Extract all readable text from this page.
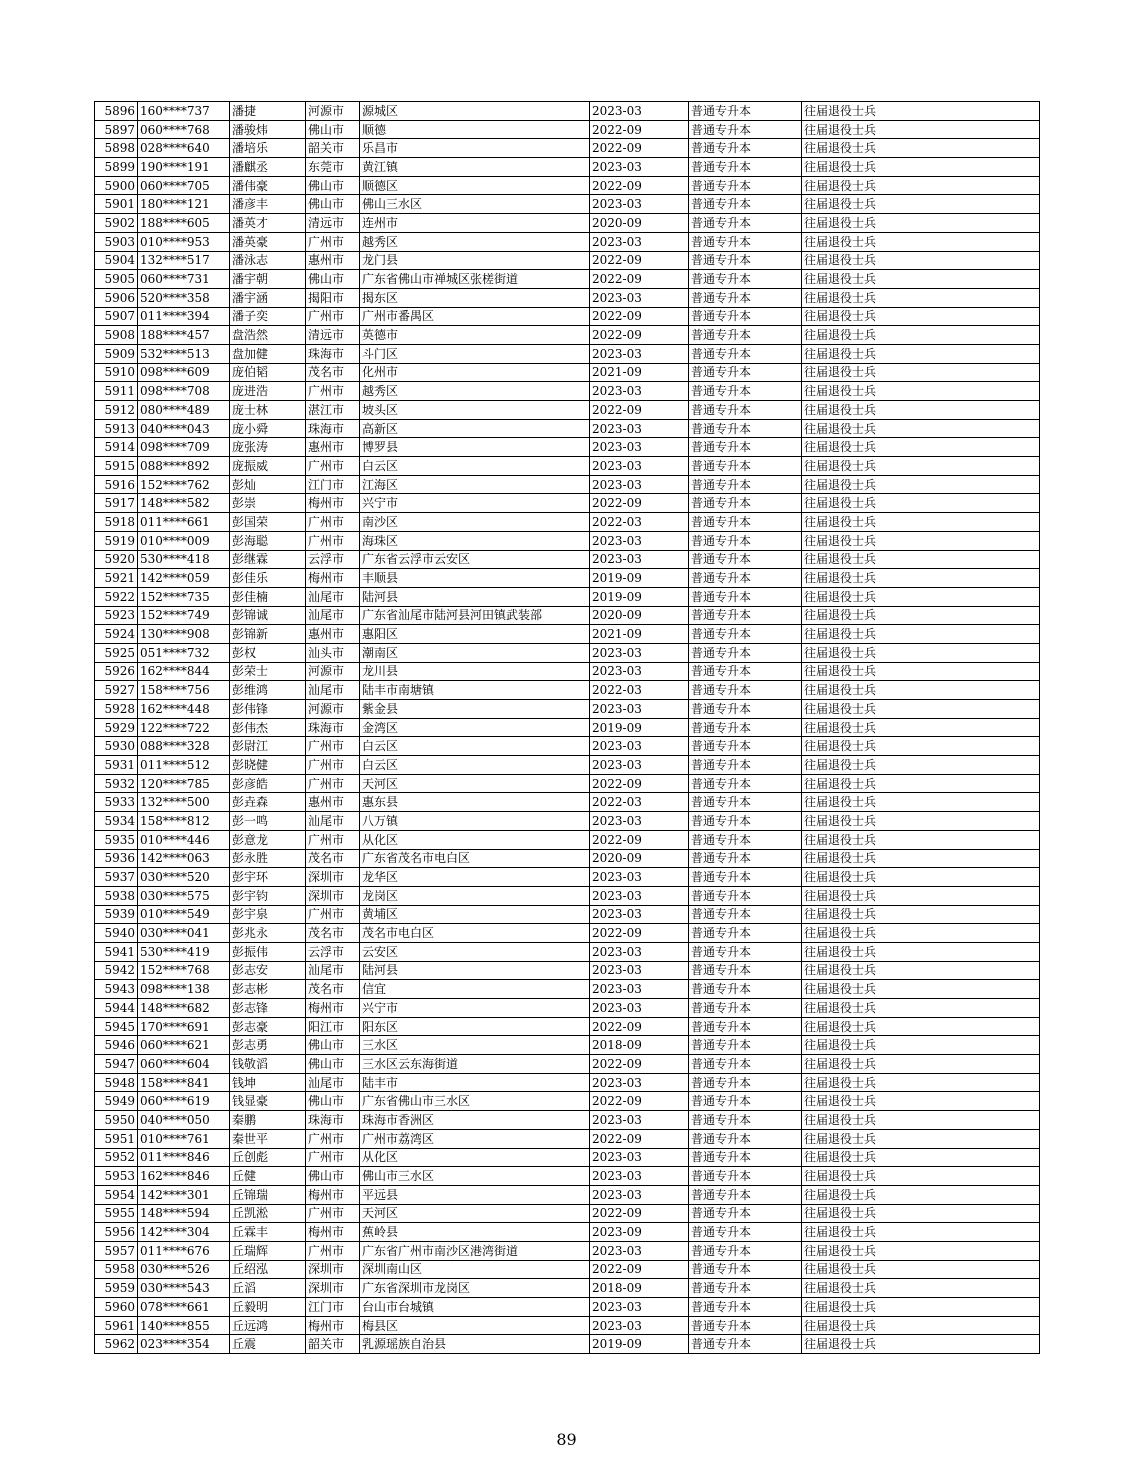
5896	160****737	潘捷	河源市	源城区	2023-03	普通专升本	往届退役士兵
5897	060****768	潘骏炜	佛山市	顺德	2022-09	普通专升本	往届退役士兵
5898	028****640	潘培乐	韶关市	乐昌市	2022-09	普通专升本	往届退役士兵
5899	190****191	潘麒丞	东莞市	黄江镇	2023-03	普通专升本	往届退役士兵
5900	060****705	潘伟豪	佛山市	顺德区	2022-09	普通专升本	往届退役士兵
5901	180****121	潘彦丰	佛山市	佛山三水区	2023-03	普通专升本	往届退役士兵
5902	188****605	潘英才	清远市	连州市	2020-09	普通专升本	往届退役士兵
5903	010****953	潘英豪	广州市	越秀区	2023-03	普通专升本	往届退役士兵
5904	132****517	潘泳志	惠州市	龙门县	2022-09	普通专升本	往届退役士兵
5905	060****731	潘宇朝	佛山市	广东省佛山市禅城区张槎街道	2022-09	普通专升本	往届退役士兵
5906	520****358	潘宇涵	揭阳市	揭东区	2023-03	普通专升本	往届退役士兵
5907	011****394	潘子奕	广州市	广州市番禺区	2022-09	普通专升本	往届退役士兵
5908	188****457	盘浩然	清远市	英德市	2022-09	普通专升本	往届退役士兵
5909	532****513	盘加健	珠海市	斗门区	2023-03	普通专升本	往届退役士兵
5910	098****609	庞伯韬	茂名市	化州市	2021-09	普通专升本	往届退役士兵
5911	098****708	庞进浩	广州市	越秀区	2023-03	普通专升本	往届退役士兵
5912	080****489	庞士林	湛江市	坡头区	2022-09	普通专升本	往届退役士兵
5913	040****043	庞小舜	珠海市	高新区	2023-03	普通专升本	往届退役士兵
5914	098****709	庞张涛	惠州市	博罗县	2023-03	普通专升本	往届退役士兵
5915	088****892	庞振威	广州市	白云区	2023-03	普通专升本	往届退役士兵
5916	152****762	彭灿	江门市	江海区	2023-03	普通专升本	往届退役士兵
5917	148****582	彭崇	梅州市	兴宁市	2022-09	普通专升本	往届退役士兵
5918	011****661	彭国荣	广州市	南沙区	2022-03	普通专升本	往届退役士兵
5919	010****009	彭海聪	广州市	海珠区	2023-03	普通专升本	往届退役士兵
5920	530****418	彭继霖	云浮市	广东省云浮市云安区	2023-03	普通专升本	往届退役士兵
5921	142****059	彭佳乐	梅州市	丰顺县	2019-09	普通专升本	往届退役士兵
5922	152****735	彭佳楠	汕尾市	陆河县	2019-09	普通专升本	往届退役士兵
5923	152****749	彭锦诚	汕尾市	广东省汕尾市陆河县河田镇武装部	2020-09	普通专升本	往届退役士兵
5924	130****908	彭锦新	惠州市	惠阳区	2021-09	普通专升本	往届退役士兵
5925	051****732	彭权	汕头市	潮南区	2023-03	普通专升本	往届退役士兵
5926	162****844	彭荣士	河源市	龙川县	2023-03	普通专升本	往届退役士兵
5927	158****756	彭维鸿	汕尾市	陆丰市南塘镇	2022-03	普通专升本	往届退役士兵
5928	162****448	彭伟锋	河源市	紫金县	2023-03	普通专升本	往届退役士兵
5929	122****722	彭伟杰	珠海市	金湾区	2019-09	普通专升本	往届退役士兵
5930	088****328	彭尉江	广州市	白云区	2023-03	普通专升本	往届退役士兵
5931	011****512	彭晓健	广州市	白云区	2023-03	普通专升本	往届退役士兵
5932	120****785	彭彦皓	广州市	天河区	2022-09	普通专升本	往届退役士兵
5933	132****500	彭垚森	惠州市	惠东县	2022-03	普通专升本	往届退役士兵
5934	158****812	彭一鸣	汕尾市	八万镇	2023-03	普通专升本	往届退役士兵
5935	010****446	彭意龙	广州市	从化区	2022-09	普通专升本	往届退役士兵
5936	142****063	彭永胜	茂名市	广东省茂名市电白区	2020-09	普通专升本	往届退役士兵
5937	030****520	彭宇环	深圳市	龙华区	2023-03	普通专升本	往届退役士兵
5938	030****575	彭宇钧	深圳市	龙岗区	2023-03	普通专升本	往届退役士兵
5939	010****549	彭宇泉	广州市	黄埔区	2023-03	普通专升本	往届退役士兵
5940	030****041	彭兆永	茂名市	茂名市电白区	2022-09	普通专升本	往届退役士兵
5941	530****419	彭振伟	云浮市	云安区	2023-03	普通专升本	往届退役士兵
5942	152****768	彭志安	汕尾市	陆河县	2023-03	普通专升本	往届退役士兵
5943	098****138	彭志彬	茂名市	信宜	2023-03	普通专升本	往届退役士兵
5944	148****682	彭志锋	梅州市	兴宁市	2023-03	普通专升本	往届退役士兵
5945	170****691	彭志豪	阳江市	阳东区	2022-09	普通专升本	往届退役士兵
5946	060****621	彭志勇	佛山市	三水区	2018-09	普通专升本	往届退役士兵
5947	060****604	钱敬滔	佛山市	三水区云东海街道	2022-09	普通专升本	往届退役士兵
5948	158****841	钱坤	汕尾市	陆丰市	2023-03	普通专升本	往届退役士兵
5949	060****619	钱显豪	佛山市	广东省佛山市三水区	2022-09	普通专升本	往届退役士兵
5950	040****050	秦鹏	珠海市	珠海市香洲区	2023-03	普通专升本	往届退役士兵
5951	010****761	秦世平	广州市	广州市荔湾区	2022-09	普通专升本	往届退役士兵
5952	011****846	丘创彪	广州市	从化区	2023-03	普通专升本	往届退役士兵
5953	162****846	丘健	佛山市	佛山市三水区	2023-03	普通专升本	往届退役士兵
5954	142****301	丘锦瑞	梅州市	平远县	2023-03	普通专升本	往届退役士兵
5955	148****594	丘凯淞	广州市	天河区	2022-09	普通专升本	往届退役士兵
5956	142****304	丘霖丰	梅州市	蕉岭县	2023-09	普通专升本	往届退役士兵
5957	011****676	丘瑞辉	广州市	广东省广州市南沙区港湾街道	2023-03	普通专升本	往届退役士兵
5958	030****526	丘绍泓	深圳市	深圳南山区	2022-09	普通专升本	往届退役士兵
5959	030****543	丘滔	深圳市	广东省深圳市龙岗区	2018-09	普通专升本	往届退役士兵
5960	078****661	丘毅明	江门市	台山市台城镇	2023-03	普通专升本	往届退役士兵
5961	140****855	丘远鸿	梅州市	梅县区	2023-03	普通专升本	往届退役士兵
5962	023****354	丘震	韶关市	乳源瑶族自治县	2019-09	普通专升本	往届退役士兵
89
